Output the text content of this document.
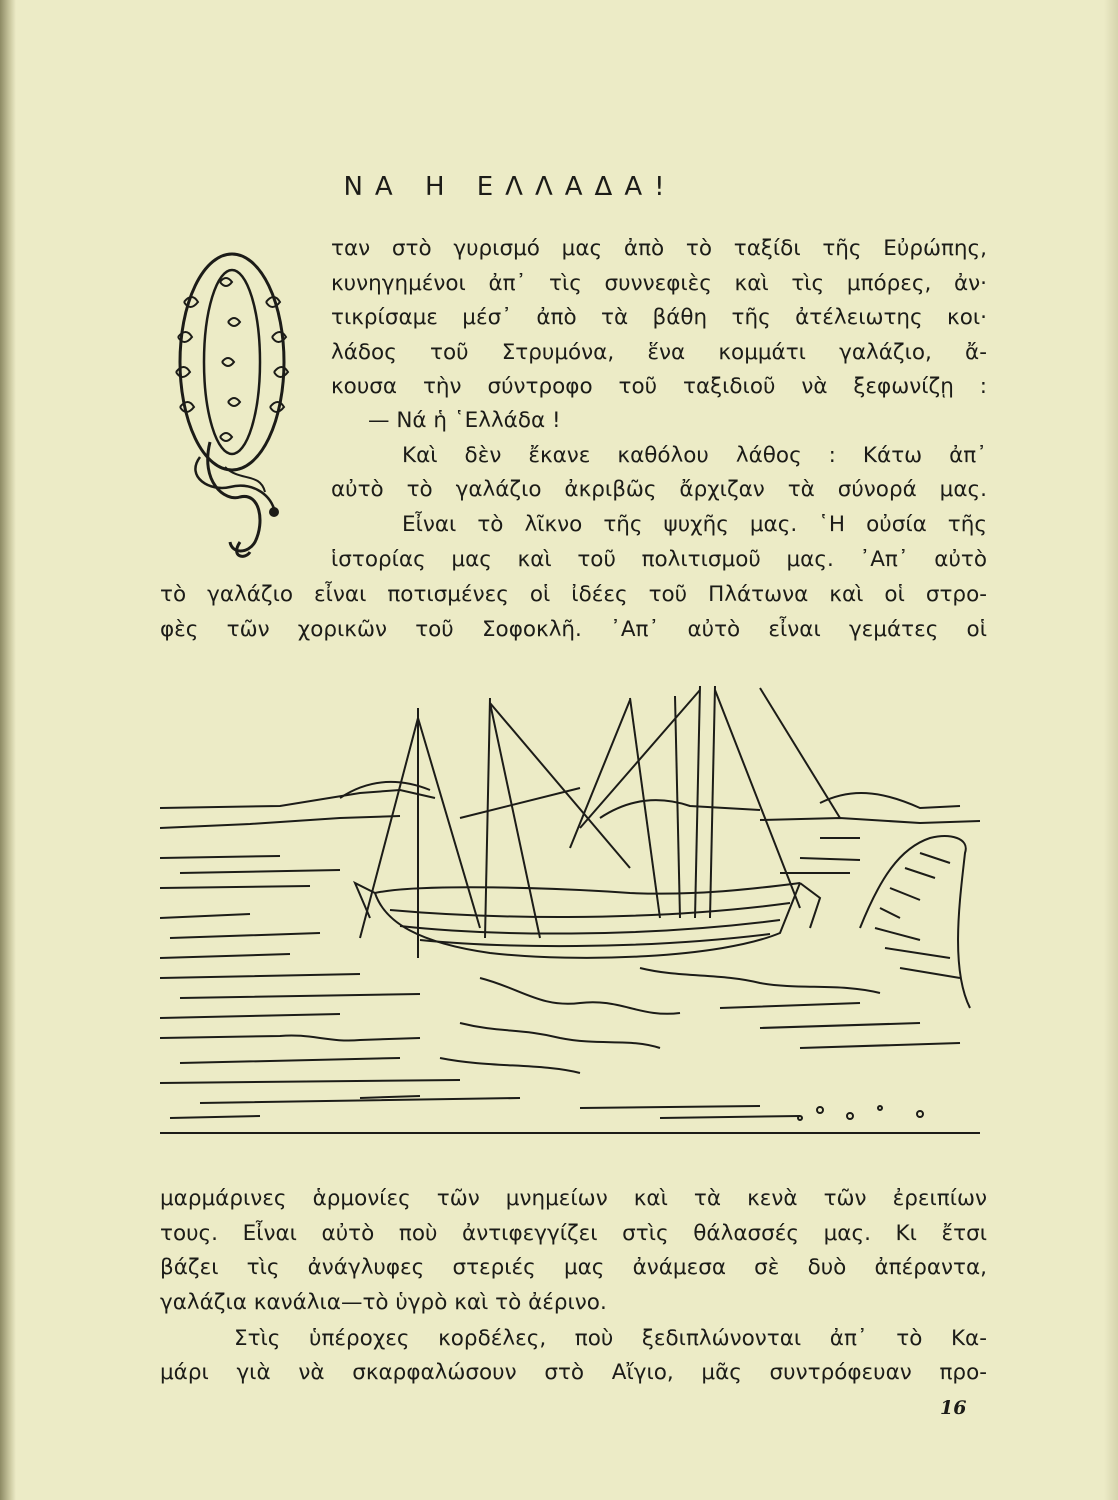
ΝΑ Η ΕΛΛΑΔΑ!
ταν στὸ γυρισμό μας ἀπὸ τὸ ταξίδι τῆς Εὐρώπης,
κυνηγημένοι ἀπ᾿ τὶς συννεφιὲς καὶ τὶς μπόρες, ἀν·
τικρίσαμε μέσ᾿ ἀπὸ τὰ βάθη τῆς ἀτέλειωτης κοι·
λάδος τοῦ Στρυμόνα, ἕνα κομμάτι γαλάζιο, ἄ-
κουσα τὴν σύντροφο τοῦ ταξιδιοῦ νὰ ξεφωνίζῃ :
— Νά ἡ ῾Ελλάδα !
Καὶ δὲν ἔκανε καθόλου λάθος : Κάτω ἀπ᾿
αὐτὸ τὸ γαλάζιο ἀκριβῶς ἄρχιζαν τὰ σύνορά μας.
Εἶναι τὸ λῖκνο τῆς ψυχῆς μας. ῾Η οὐσία τῆς
ἱστορίας μας καὶ τοῦ πολιτισμοῦ μας. ᾿Απ᾿ αὐτὸ
τὸ γαλάζιο εἶναι ποτισμένες οἱ ἰδέες τοῦ Πλάτωνα καὶ οἱ στρο-
φὲς τῶν χορικῶν τοῦ Σοφοκλῆ. ᾿Απ᾿ αὐτὸ εἶναι γεμάτες οἱ
μαρμάρινες ἁρμονίες τῶν μνημείων καὶ τὰ κενὰ τῶν ἐρειπίων
τους. Εἶναι αὐτὸ ποὺ ἀντιφεγγίζει στὶς θάλασσές μας. Κι ἔτσι
βάζει τὶς ἀνάγλυφες στεριές μας ἀνάμεσα σὲ δυὸ ἀπέραντα,
γαλάζια κανάλια—τὸ ὑγρὸ καὶ τὸ ἀέρινο.
Στὶς ὑπέροχες κορδέλες, ποὺ ξεδιπλώνονται ἀπ᾿ τὸ Κα-
μάρι γιὰ νὰ σκαρφαλώσουν στὸ Αἴγιο, μᾶς συντρόφευαν προ-
16
